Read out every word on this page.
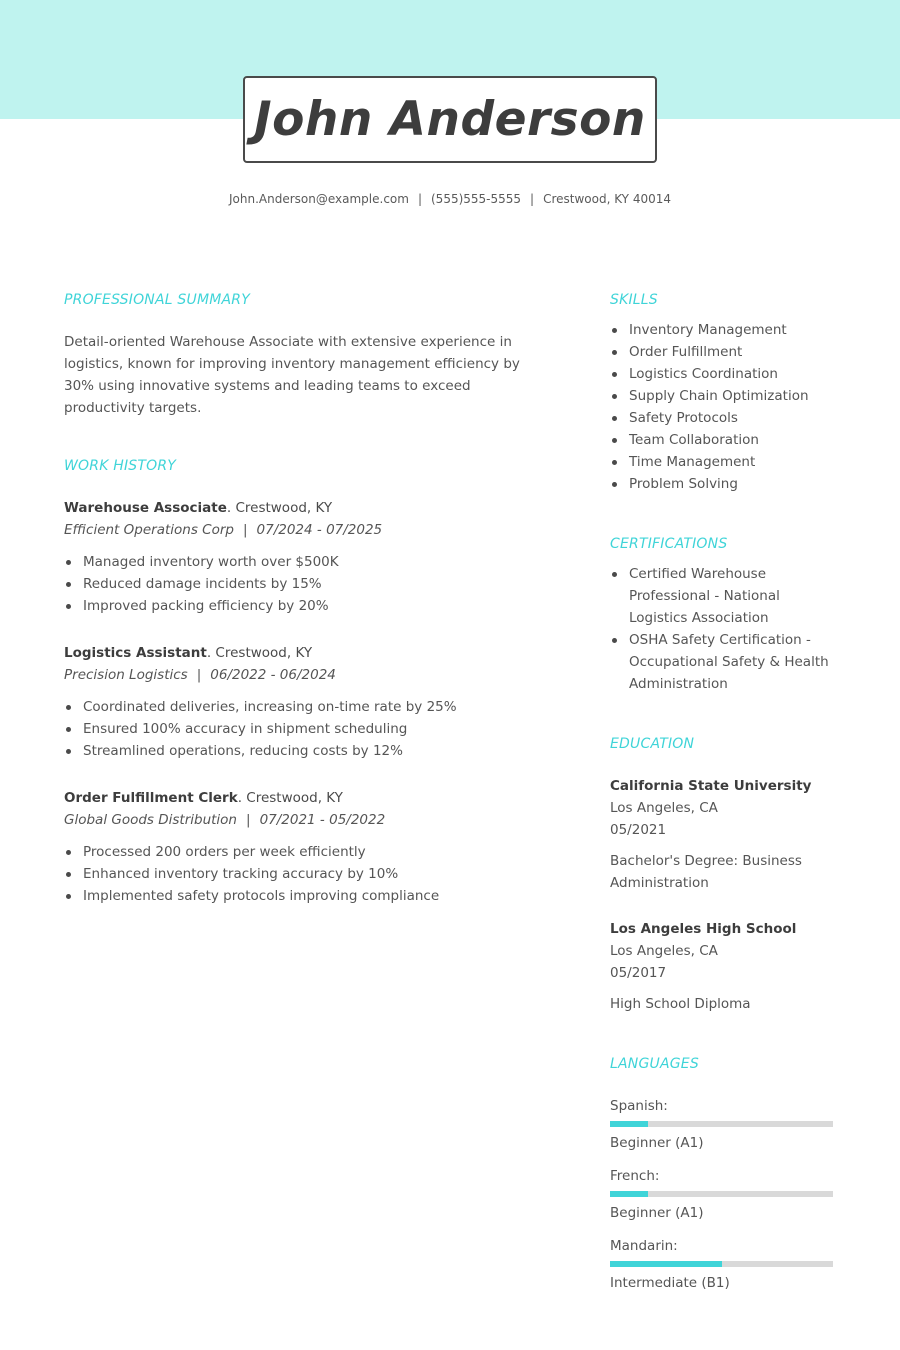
John Anderson
John.Anderson@example.com | (555)555-5555 | Crestwood, KY 40014
PROFESSIONAL SUMMARY

Detail-oriented Warehouse Associate with extensive experience in logistics, known for improving inventory management efficiency by 30% using innovative systems and leading teams to exceed productivity targets.

WORK HISTORY
Warehouse Associate. Crestwood, KY
Efficient Operations Corp | 07/2024 - 07/2025
Managed inventory worth over $500K
Reduced damage incidents by 15%
Improved packing efficiency by 20%
Logistics Assistant. Crestwood, KY
Precision Logistics | 06/2022 - 06/2024
Coordinated deliveries, increasing on-time rate by 25%
Ensured 100% accuracy in shipment scheduling
Streamlined operations, reducing costs by 12%
Order Fulfillment Clerk. Crestwood, KY
Global Goods Distribution | 07/2021 - 05/2022
Processed 200 orders per week efficiently
Enhanced inventory tracking accuracy by 10%
Implemented safety protocols improving compliance
SKILLS
Inventory Management
Order Fulfillment
Logistics Coordination
Supply Chain Optimization
Safety Protocols
Team Collaboration
Time Management
Problem Solving
CERTIFICATIONS
Certified Warehouse Professional - National Logistics Association
OSHA Safety Certification - Occupational Safety & Health Administration
EDUCATION
California State University
Los Angeles, CA
05/2021
Bachelor's Degree: Business Administration
Los Angeles High School
Los Angeles, CA
05/2017
High School Diploma
LANGUAGES
Spanish:
Beginner (A1)
French:
Beginner (A1)
Mandarin:
Intermediate (B1)
